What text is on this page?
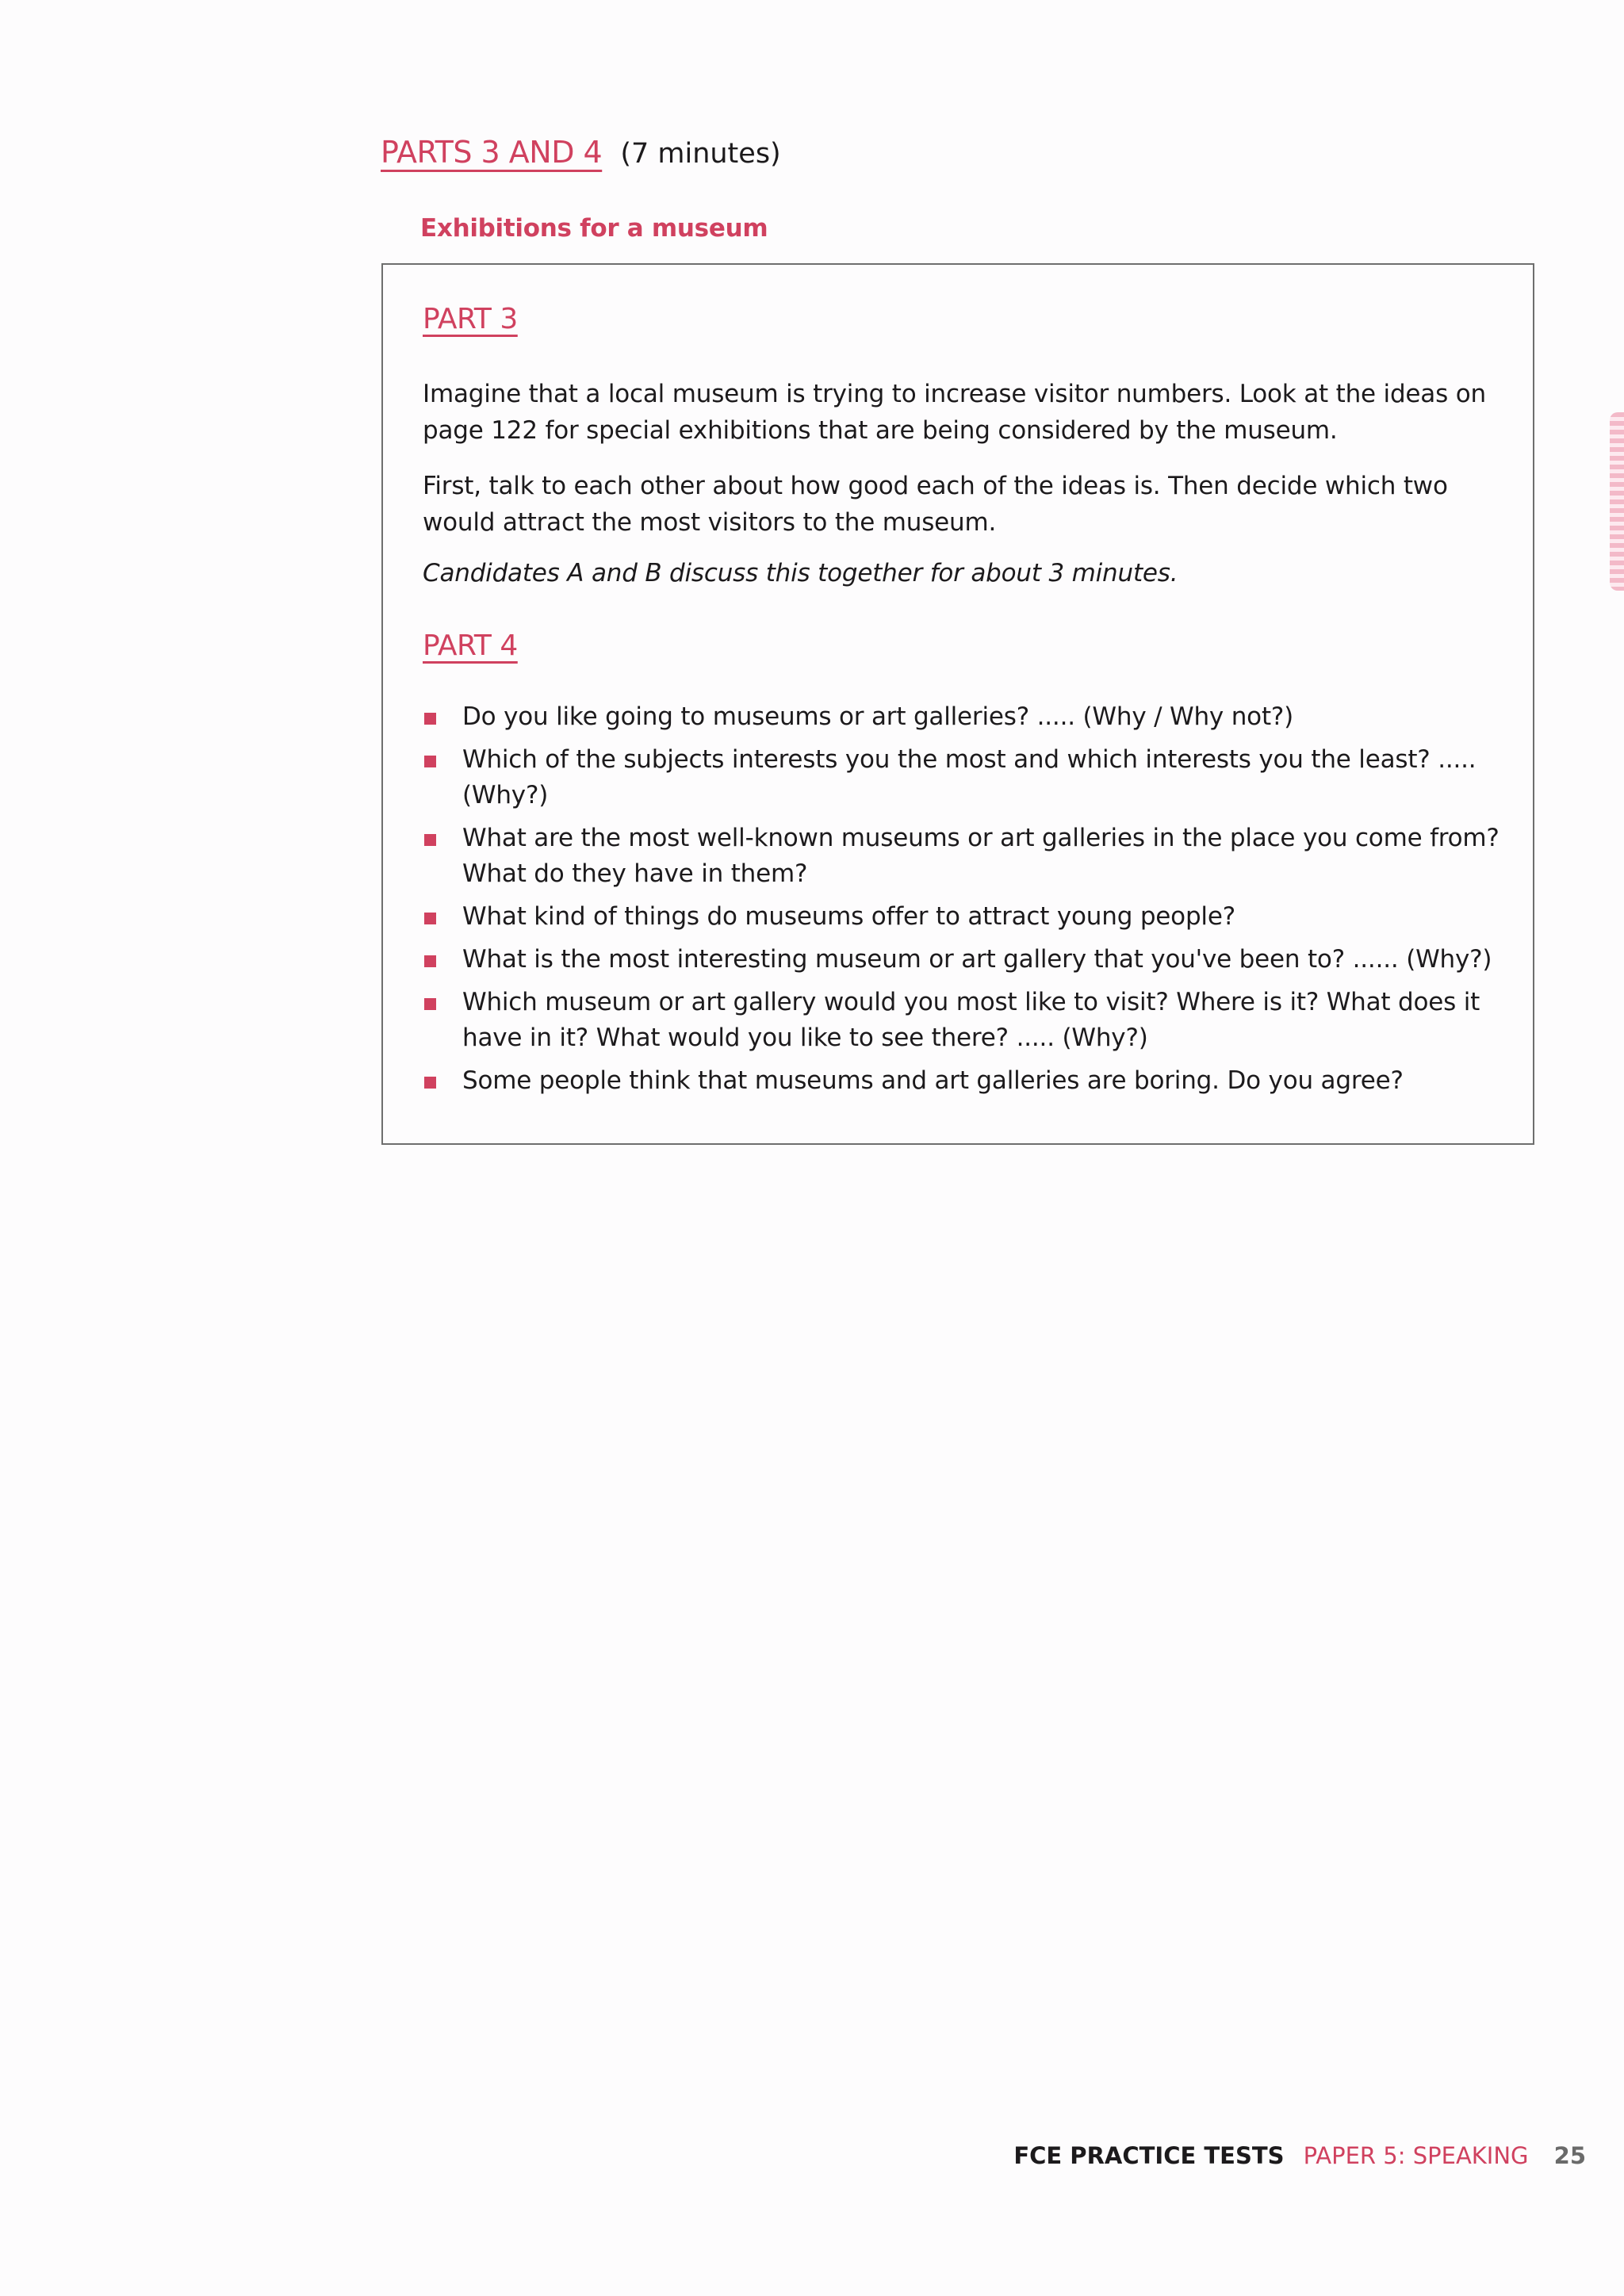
PARTS 3 AND 4 (7 minutes)
Exhibitions for a museum
PART 3
Imagine that a local museum is trying to increase visitor numbers. Look at the ideas on page 122 for special exhibitions that are being considered by the museum.
First, talk to each other about how good each of the ideas is. Then decide which two would attract the most visitors to the museum.
Candidates A and B discuss this together for about 3 minutes.
PART 4
Do you like going to museums or art galleries? ..... (Why / Why not?)
Which of the subjects interests you the most and which interests you the least? ..... (Why?)
What are the most well-known museums or art galleries in the place you come from? What do they have in them?
What kind of things do museums offer to attract young people?
What is the most interesting museum or art gallery that you've been to? ...... (Why?)
Which museum or art gallery would you most like to visit? Where is it? What does it have in it? What would you like to see there? ..... (Why?)
Some people think that museums and art galleries are boring. Do you agree?
FCE PRACTICE TESTS PAPER 5: SPEAKING 25
